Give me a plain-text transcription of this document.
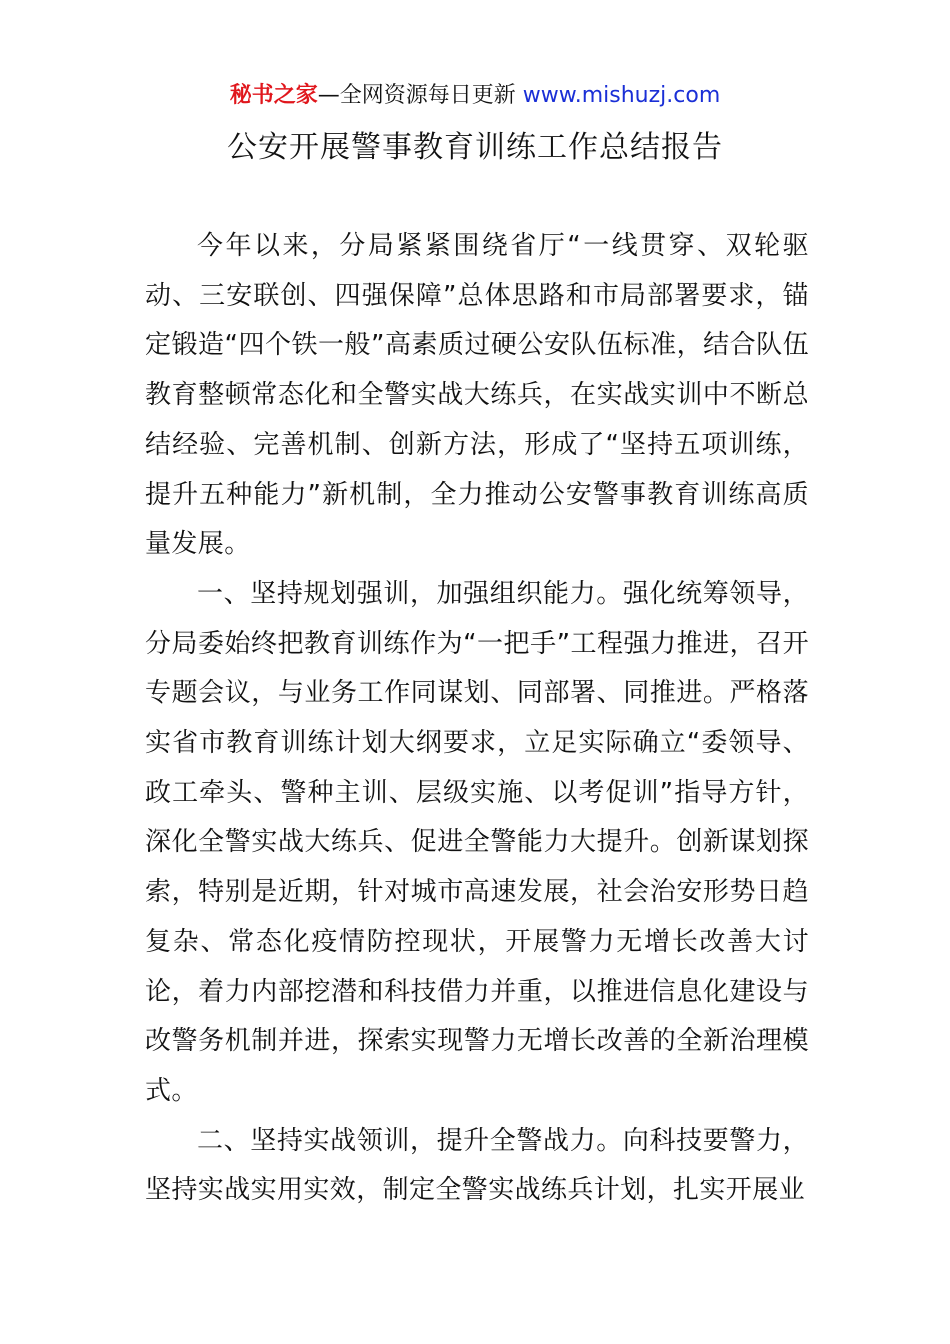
秘书之家—全网资源每日更新 www.mishuzj.com
公安开展警事教育训练工作总结报告

今年以来，分局紧紧围绕省厅“一线贯穿、双轮驱动、三安联创、四强保障”总体思路和市局部署要求，锚定锻造“四个铁一般”高素质过硬公安队伍标准，结合队伍教育整顿常态化和全警实战大练兵，在实战实训中不断总结经验、完善机制、创新方法，形成了“坚持五项训练，提升五种能力”新机制，全力推动公安警事教育训练高质量发展。

一、坚持规划强训，加强组织能力。强化统筹领导，分局委始终把教育训练作为“一把手”工程强力推进，召开专题会议，与业务工作同谋划、同部署、同推进。严格落实省市教育训练计划大纲要求，立足实际确立“委领导、政工牵头、警种主训、层级实施、以考促训”指导方针，深化全警实战大练兵、促进全警能力大提升。创新谋划探索，特别是近期，针对城市高速发展，社会治安形势日趋复杂、常态化疫情防控现状，开展警力无增长改善大讨论，着力内部挖潜和科技借力并重，以推进信息化建设与改警务机制并进，探索实现警力无增长改善的全新治理模式。

二、坚持实战领训，提升全警战力。向科技要警力，坚持实战实用实效，制定全警实战练兵计划，扎实开展业
